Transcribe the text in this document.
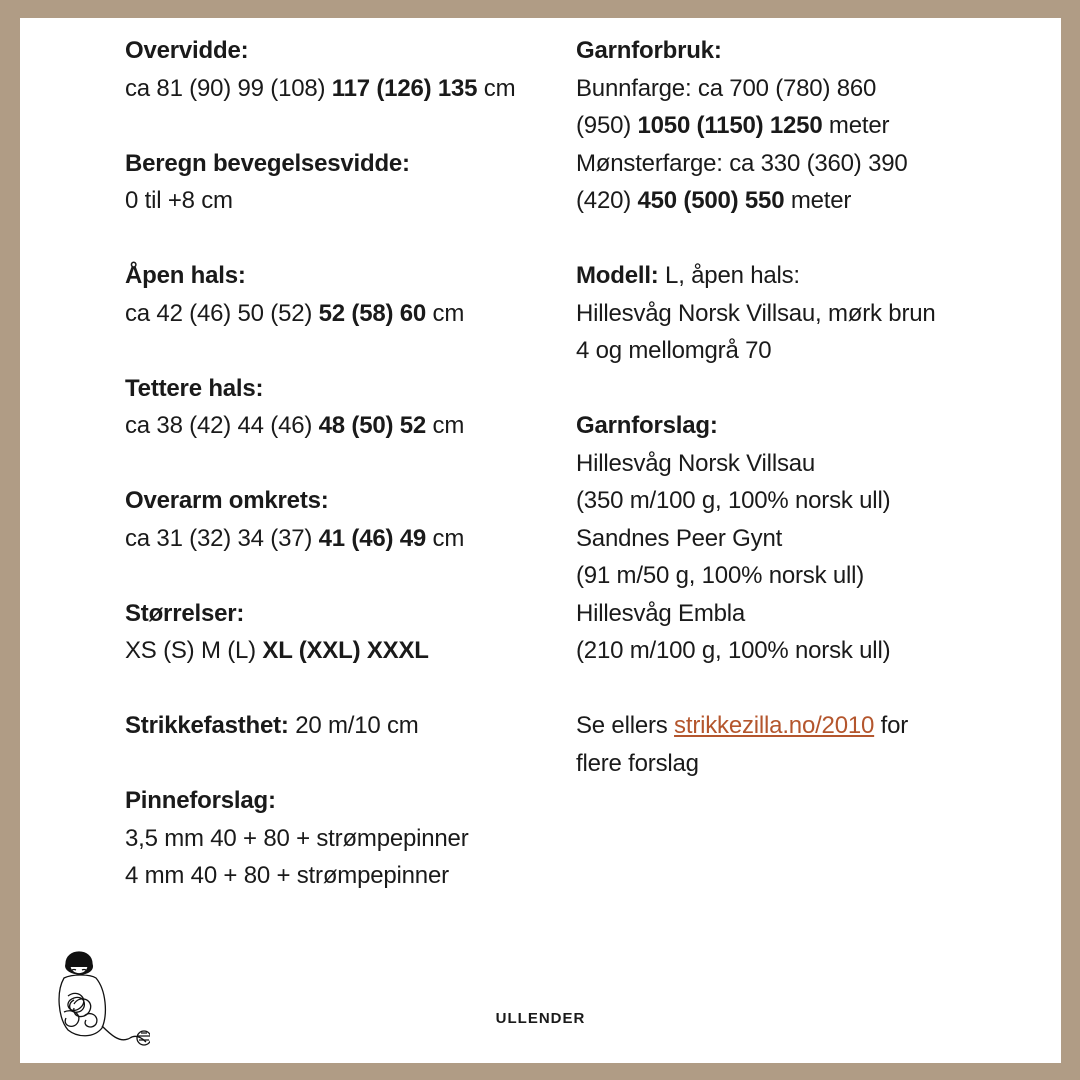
Overvidde:
ca 81 (90) 99 (108) 117 (126) 135 cm
Beregn bevegelsesvidde:
0 til +8 cm
Åpen hals:
ca 42 (46) 50 (52) 52 (58) 60 cm
Tettere hals:
ca 38 (42) 44 (46) 48 (50) 52 cm
Overarm omkrets:
ca 31 (32) 34 (37) 41 (46) 49 cm
Størrelser:
XS (S) M (L) XL (XXL) XXXL
Strikkefasthet: 20 m/10 cm
Pinneforslag:
3,5 mm 40 + 80 + strømpepinner
4 mm 40 + 80 + strømpepinner
Garnforbruk:
Bunnfarge: ca 700 (780) 860
(950) 1050 (1150) 1250 meter
Mønsterfarge: ca 330 (360) 390
(420) 450 (500) 550 meter
Modell: L, åpen hals:
Hillesvåg Norsk Villsau, mørk brun
4 og mellomgrå 70
Garnforslag:
Hillesvåg Norsk Villsau
(350 m/100 g, 100% norsk ull)
Sandnes Peer Gynt
(91 m/50 g, 100% norsk ull)
Hillesvåg Embla
(210 m/100 g, 100% norsk ull)
Se ellers strikkezilla.no/2010 for
flere forslag
ULLENDER
